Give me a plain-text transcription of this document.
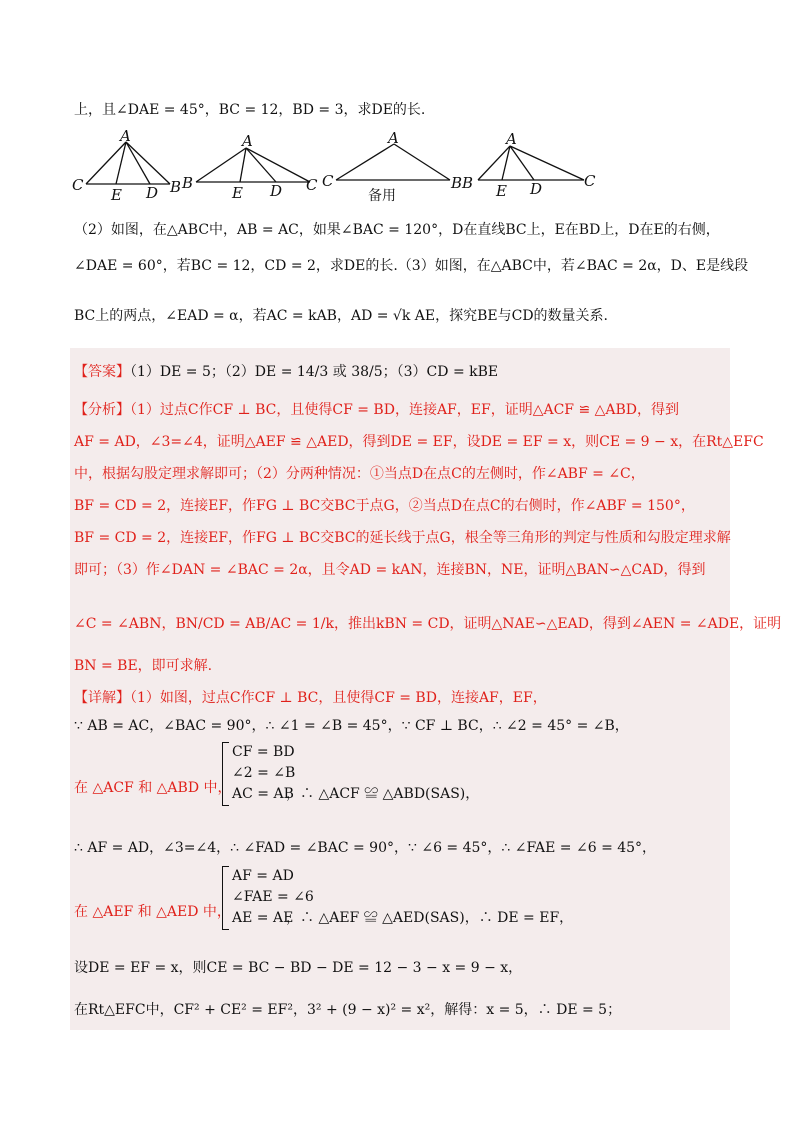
上，且∠DAE = 45°，BC = 12，BD = 3，求DE的长.
A
C	B
E D
A
B	C
E D
A
C	B
备用
A
B	C
E D
（2）如图，在△ABC中，AB = AC，如果∠BAC = 120°，D在直线BC上，E在BD上，D在E的右侧，
∠DAE = 60°，若BC = 12，CD = 2，求DE的长.（3）如图，在△ABC中，若∠BAC = 2α，D、E是线段
BC上的两点，∠EAD = α，若AC = kAB，AD = √k AE，探究BE与CD的数量关系.
【答案】（1）DE = 5；（2）DE = 14/3 或 38/5；（3）CD = kBE
【分析】（1）过点C作CF ⊥ BC，且使得CF = BD，连接AF，EF，证明△ACF ≌ △ABD，得到
AF = AD，∠3=∠4，证明△AEF ≌ △AED，得到DE = EF，设DE = EF = x，则CE = 9 − x，在Rt△EFC
中，根据勾股定理求解即可；（2）分两种情况：①当点D在点C的左侧时，作∠ABF = ∠C，
BF = CD = 2，连接EF，作FG ⊥ BC交BC于点G，②当点D在点C的右侧时，作∠ABF = 150°，
BF = CD = 2，连接EF，作FG ⊥ BC交BC的延长线于点G，根全等三角形的判定与性质和勾股定理求解
即可；（3）作∠DAN = ∠BAC = 2α，且令AD = kAN，连接BN，NE，证明△BAN∽△CAD，得到
∠C = ∠ABN，BN/CD = AB/AC = 1/k，推出kBN = CD，证明△NAE∽△EAD，得到∠AEN = ∠ADE，证明
BN = BE，即可求解.
【详解】（1）如图，过点C作CF ⊥ BC，且使得CF = BD，连接AF，EF，
∵ AB = AC，∠BAC = 90°，∴ ∠1 = ∠B = 45°，∵ CF ⊥ BC，∴ ∠2 = 45° = ∠B，
在 △ACF 和 △ABD 中，
CF = BD
∠2 = ∠B
AC = AB
，∴ △ACF ≌ △ABD(SAS)，
∴ AF = AD，∠3=∠4，∴ ∠FAD = ∠BAC = 90°，∵ ∠6 = 45°，∴ ∠FAE = ∠6 = 45°，
在 △AEF 和 △AED 中，
AF = AD
∠FAE = ∠6
AE = AE
，∴ △AEF ≌ △AED(SAS)，∴ DE = EF，
设DE = EF = x，则CE = BC − BD − DE = 12 − 3 − x = 9 − x，
在Rt△EFC中，CF² + CE² = EF²，3² + (9 − x)² = x²，解得：x = 5，∴ DE = 5；
